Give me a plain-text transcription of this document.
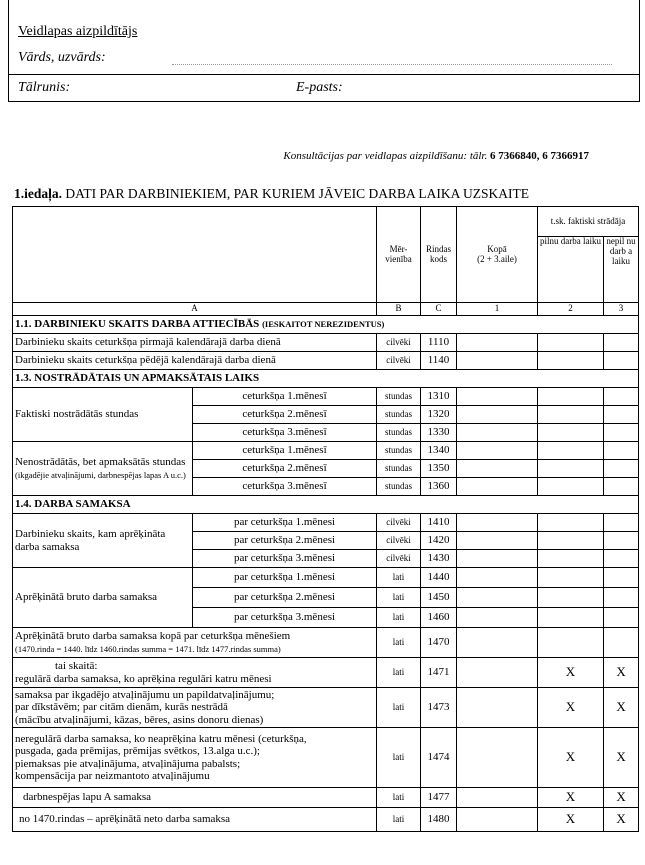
Veidlapas aizpildītājs
Vārds, uzvārds:
Tālrunis:	E-pasts:
Konsultācijas par veidlapas aizpildīšanu: tālr. 6 7366840, 6 7366917
1.iedaļa. DATI PAR DARBINIEKIEM, PAR KURIEM JĀVEIC DARBA LAIKA UZSKAITE
		Mēr-vienība	Rindas kods	Kopā
(2 + 3.aile)	t.sk. faktiski strādāja	
					pilnu darba laiku	nepil nu darb a laiku
A		B	C	1	2	3
1.1. DARBINIEKU SKAITS DARBA ATTIECĪBĀS (IESKAITOT NEREZIDENTUS)						
Darbinieku skaits ceturkšņa pirmajā kalendārajā darba dienā		cilvēki	1110			
Darbinieku skaits ceturkšņa pēdējā kalendārajā darba dienā		cilvēki	1140			
1.3. NOSTRĀDĀTAIS UN APMAKSĀTAIS LAIKS						
Faktiski nostrādātās stundas	ceturkšņa 1.mēnesī	stundas	1310			
	ceturkšņa 2.mēnesī	stundas	1320			
	ceturkšņa 3.mēnesī	stundas	1330			
Nenostrādātās, bet apmaksātās stundas (ikgadējie atvaļinājumi, darbnespējas lapas A u.c.)	ceturkšņa 1.mēnesī	stundas	1340			
	ceturkšņa 2.mēnesī	stundas	1350			
	ceturkšņa 3.mēnesī	stundas	1360			
1.4. DARBA SAMAKSA						
Darbinieku skaits, kam aprēķināta darba samaksa	par ceturkšņa 1.mēnesi	cilvēki	1410			
	par ceturkšņa 2.mēnesi	cilvēki	1420			
	par ceturkšņa 3.mēnesi	cilvēki	1430			
Aprēķinātā bruto darba samaksa	par ceturkšņa 1.mēnesi	lati	1440			
	par ceturkšņa 2.mēnesi	lati	1450			
	par ceturkšņa 3.mēnesi	lati	1460			
Aprēķinātā bruto darba samaksa kopā par ceturkšņa mēnešiem
(1470.rinda = 1440. līdz 1460.rindas summa = 1471. līdz 1477.rindas summa)		lati	1470			
tai skaitā:
regulārā darba samaksa, ko aprēķina regulāri katru mēnesi		lati	1471		X	X
samaksa par ikgadējo atvaļinājumu un papildatvaļinājumu;
par dīkstāvēm; par citām dienām, kurās nestrādā
(mācību atvaļinājumi, kāzas, bēres, asins donoru dienas)		lati	1473		X	X
neregulārā darba samaksa, ko neaprēķina katru mēnesi (ceturkšņa,
pusgada, gada prēmijas, prēmijas svētkos, 13.alga u.c.);
piemaksas pie atvaļinājuma, atvaļinājuma pabalsts;
kompensācija par neizmantoto atvaļinājumu		lati	1474		X	X
darbnespējas lapu A samaksa		lati	1477		X	X
no 1470.rindas – aprēķinātā neto darba samaksa		lati	1480		X	X
